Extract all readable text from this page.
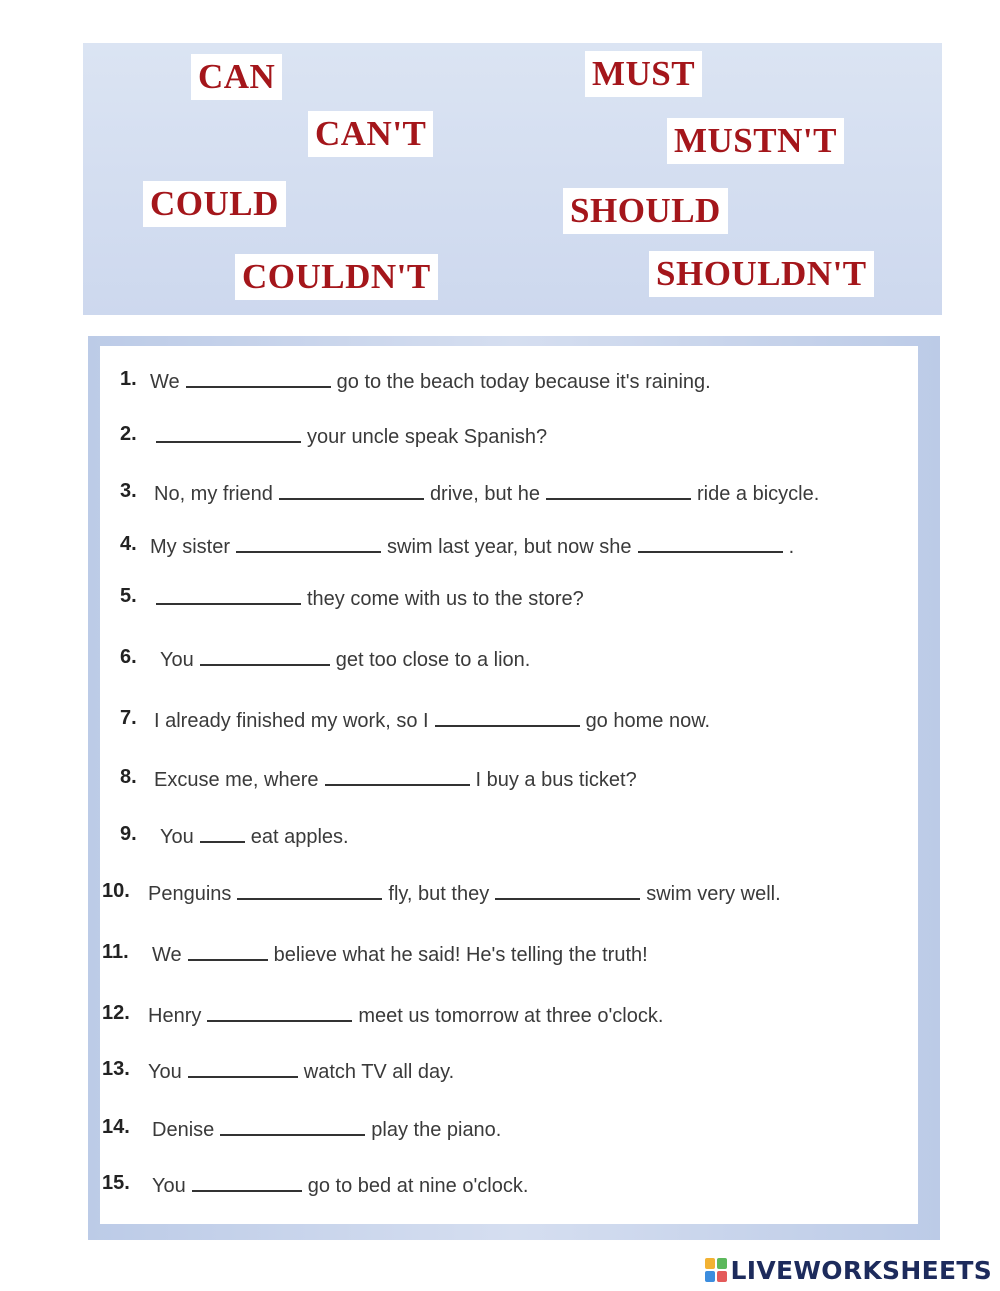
CAN	MUST
CAN'T	MUSTN'T
COULD	SHOULD
COULDN'T	SHOULDN'T
1. We	go to the beach today because it's raining.
2.	your uncle speak Spanish?
3. No, my friend	drive, but he	ride a bicycle.
4. My sister	swim last year, but now she	.
5.	they come with us to the store?
6. You	get too close to a lion.
7. I already finished my work, so I	go home now.
8. Excuse me, where	I buy a bus ticket?
9. You	eat apples.
10. Penguins	fly, but they	swim very well.
11. We	believe what he said! He's telling the truth!
12. Henry	meet us tomorrow at three o'clock.
13. You	watch TV all day.
14. Denise	play the piano.
15. You	go to bed at nine o'clock.
LIVEWORKSHEETS
